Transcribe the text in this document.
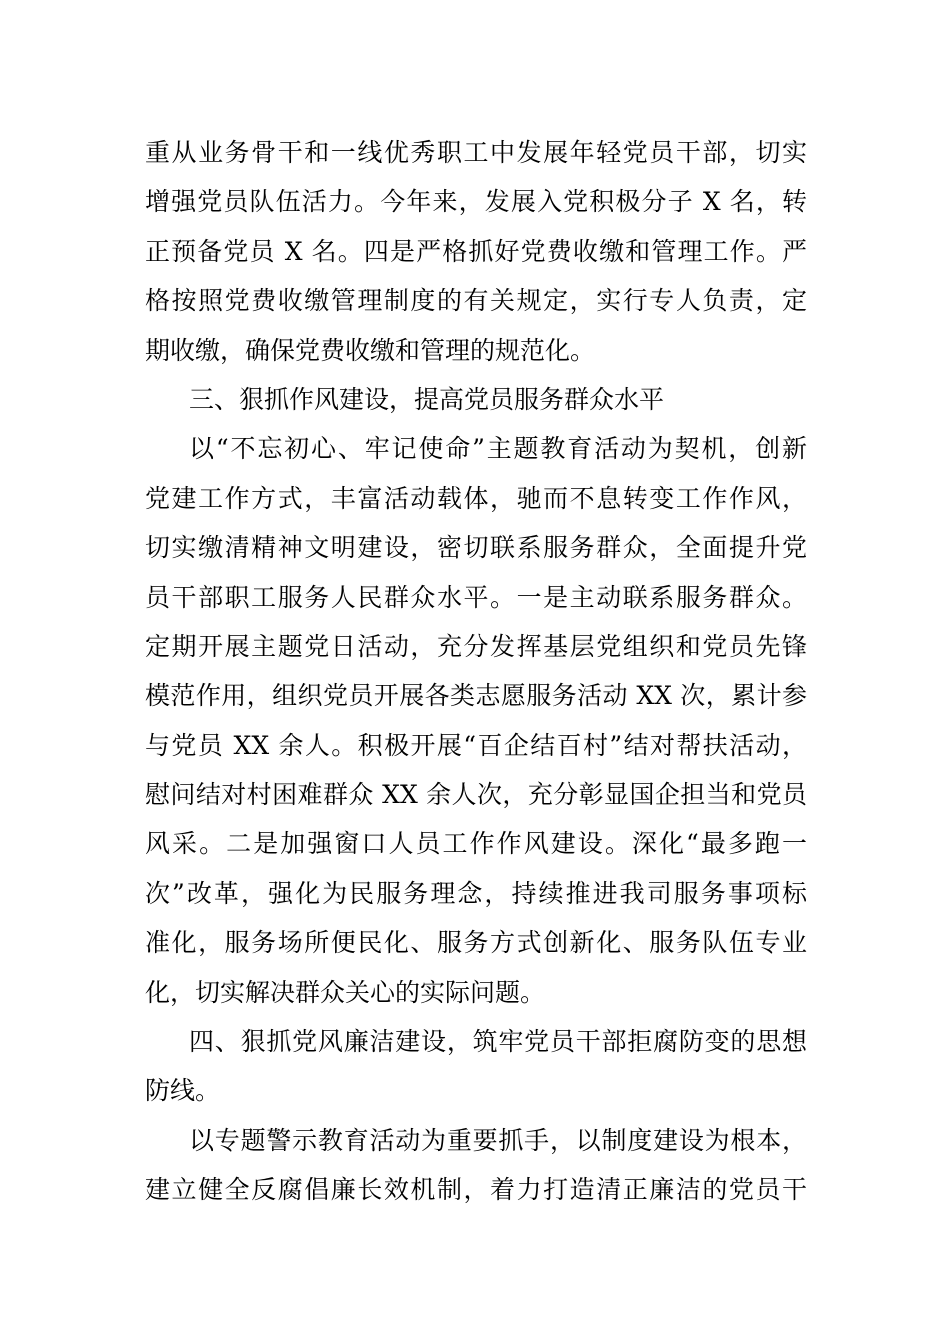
重从业务骨干和一线优秀职工中发展年轻党员干部，切实
增强党员队伍活力。今年来，发展入党积极分子 X 名，转
正预备党员 X 名。四是严格抓好党费收缴和管理工作。严
格按照党费收缴管理制度的有关规定，实行专人负责，定
期收缴，确保党费收缴和管理的规范化。
三、狠抓作风建设，提高党员服务群众水平
以“不忘初心、牢记使命”主题教育活动为契机，创新
党建工作方式，丰富活动载体，驰而不息转变工作作风，
切实缴清精神文明建设，密切联系服务群众，全面提升党
员干部职工服务人民群众水平。一是主动联系服务群众。
定期开展主题党日活动，充分发挥基层党组织和党员先锋
模范作用，组织党员开展各类志愿服务活动 XX 次，累计参
与党员 XX 余人。积极开展“百企结百村”结对帮扶活动，
慰问结对村困难群众 XX 余人次，充分彰显国企担当和党员
风采。二是加强窗口人员工作作风建设。深化“最多跑一
次”改革，强化为民服务理念，持续推进我司服务事项标
准化，服务场所便民化、服务方式创新化、服务队伍专业
化，切实解决群众关心的实际问题。
四、狠抓党风廉洁建设，筑牢党员干部拒腐防变的思想
防线。
以专题警示教育活动为重要抓手，以制度建设为根本，
建立健全反腐倡廉长效机制，着力打造清正廉洁的党员干
